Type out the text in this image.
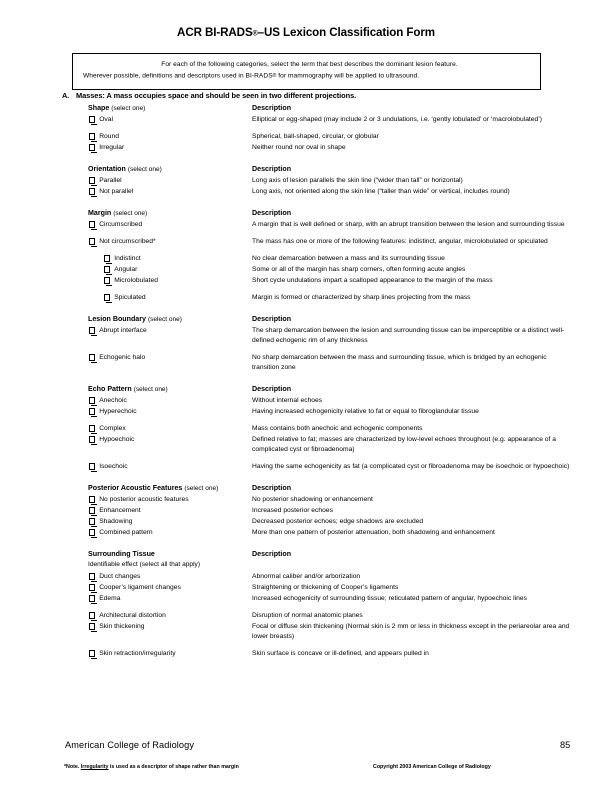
ACR BI-RADS®–US Lexicon Classification Form
For each of the following categories, select the term that best describes the dominant lesion feature.
Wherever possible, definitions and descriptors used in BI-RADS® for mammography will be applied to ultrasound.
A. Masses: A mass occupies space and should be seen in two different projections.
Shape (select one)	Description
Oval	Elliptical or egg-shaped (may include 2 or 3 undulations, i.e. ‘gently lobulated’ or ‘macrolobulated’)
Round	Spherical, ball-shaped, circular, or globular
Irregular	Neither round nor oval in shape
Orientation (select one)	Description
Parallel	Long axis of lesion parallels the skin line (“wider than tall” or horizontal)
Not parallel	Long axis, not oriented along the skin line (“taller than wide” or vertical, includes round)
Margin (select one)	Description
Circumscribed	A margin that is well defined or sharp, with an abrupt transition between the lesion and surrounding tissue
Not circumscribed*	The mass has one or more of the following features: indistinct, angular, microlobulated or spiculated
Indistinct	No clear demarcation between a mass and its surrounding tissue
Angular	Some or all of the margin has sharp corners, often forming acute angles
Microlobulated	Short cycle undulations impart a scalloped appearance to the margin of the mass
Spiculated	Margin is formed or characterized by sharp lines projecting from the mass
Lesion Boundary (select one)	Description
Abrupt interface	The sharp demarcation between the lesion and surrounding tissue can be imperceptible or a distinct well-defined echogenic rim of any thickness
Echogenic halo	No sharp demarcation between the mass and surrounding tissue, which is bridged by an echogenic transition zone
Echo Pattern (select one)	Description
Anechoic	Without internal echoes
Hyperechoic	Having increased echogenicity relative to fat or equal to fibroglandular tissue
Complex	Mass contains both anechoic and echogenic components
Hypoechoic	Defined relative to fat; masses are characterized by low-level echoes throughout (e.g. appearance of a complicated cyst or fibroadenoma)
Isoechoic	Having the same echogenicity as fat (a complicated cyst or fibroadenoma may be isoechoic or hypoechoic)
Posterior Acoustic Features (select one)	Description
No posterior acoustic features	No posterior shadowing or enhancement
Enhancement	Increased posterior echoes
Shadowing	Decreased posterior echoes; edge shadows are excluded
Combined pattern	More than one pattern of posterior attenuation, both shadowing and enhancement
Surrounding Tissue	Description
Identifiable effect (select all that apply)
Duct changes	Abnormal caliber and/or arborization
Cooper’s ligament changes	Straightening or thickening of Cooper’s ligaments
Edema	Increased echogenicity of surrounding tissue; reticulated pattern of angular, hypoechoic lines
Architectural distortion	Disruption of normal anatomic planes
Skin thickening	Focal or diffuse skin thickening (Normal skin is 2 mm or less in thickness except in the periareolar area and lower breasts)
Skin retraction/irregularity	Skin surface is concave or ill-defined, and appears pulled in
American College of Radiology	85
*Note. Irregularity is used as a descriptor of shape rather than margin	Copyright 2003 American College of Radiology
